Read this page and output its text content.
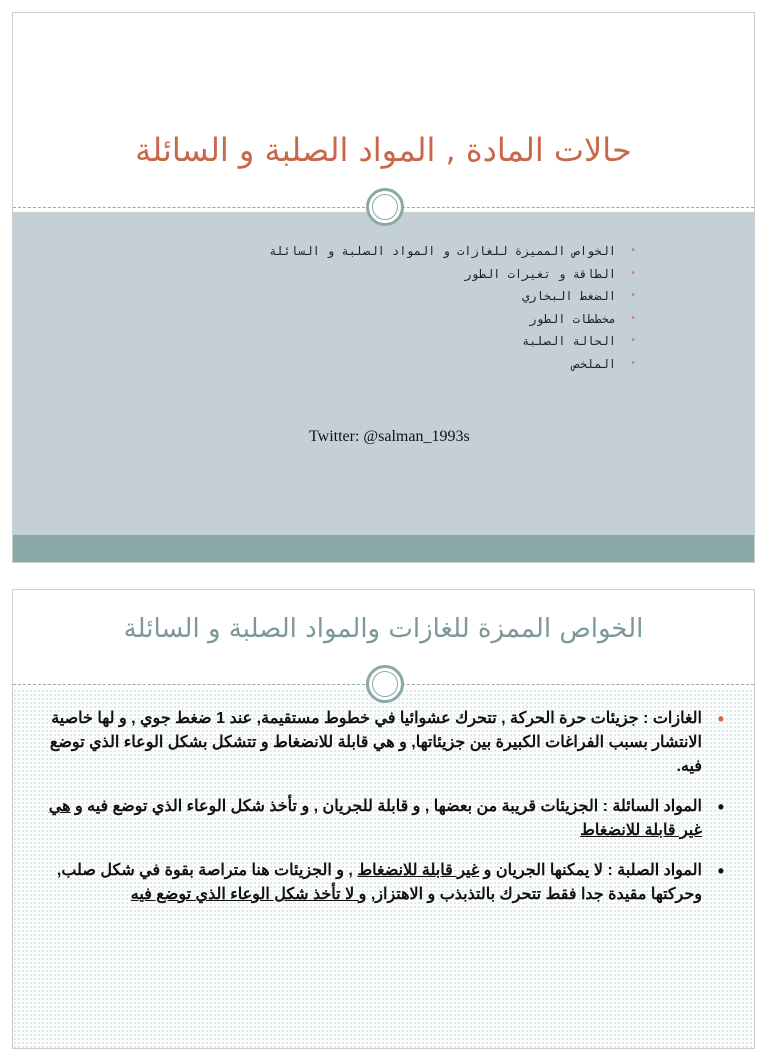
حالات المادة , المواد الصلبة و السائلة
• الخواص المميزة للغازات و المواد الصلبة و السائلة
• الطاقة و تغيرات الطور
• الضغط البخاري
• مخططات الطور
• الحالة الصلبة
• الملخص
Twitter: @salman_1993s
الخواص الممزة للغازات والمواد الصلبة و السائلة
• الغازات : جزيئات حرة الحركة , تتحرك عشوائيا في خطوط مستقيمة, عند 1 ضغط جوي , و لها خاصية الانتشار بسبب الفراغات الكبيرة بين جزيئاتها, و هي قابلة للانضغاط و تتشكل بشكل الوعاء الذي توضع فيه.
• المواد السائلة : الجزيئات قريبة من بعضها , و قابلة للجريان , و تأخذ شكل الوعاء الذي توضع فيه و هي غير قابلة للانضغاط
• المواد الصلبة : لا يمكنها الجريان و غير قابلة للانضغاط , و الجزيئات هنا متراصة بقوة في شكل صلب, وحركتها مقيدة جدا فقط تتحرك بالتذبذب و الاهتزاز, و لا تأخذ شكل الوعاء الذي توضع فيه
